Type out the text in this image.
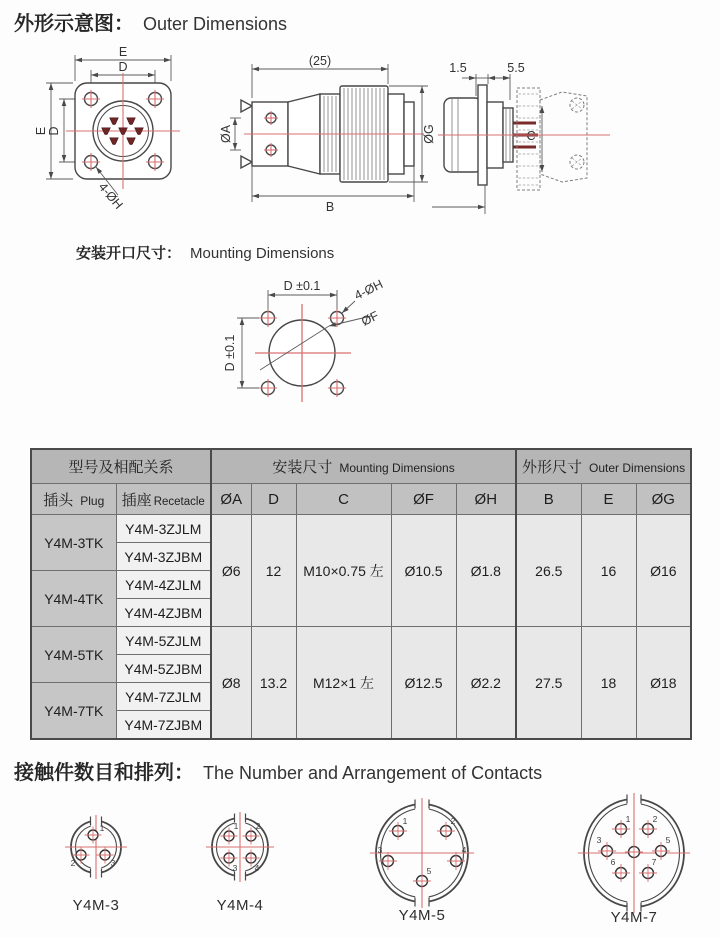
外形示意图： Outer Dimensions
安装开口尺寸： Mounting Dimensions
接触件数目和排列： The Number and Arrangement of Contacts
E
D
E D
4-ØH
(25)
ØA	ØG
B
1.5	5.5
C
D ±0.1
D ±0.1
4-ØH
ØF
型号及相配关系		安装尺寸 Mounting Dimensions					外形尺寸 Outer Dimensions		
插头 Plug	插座 Recetacle	ØA	D	C	ØF	ØH	B	E	ØG
Y4M-3TK	Y4M-3ZJLM	Ø6	12	M10×0.75 左	Ø10.5	Ø1.8	26.5	16	Ø16
	Y4M-3ZJBM								
Y4M-4TK	Y4M-4ZJLM								
	Y4M-4ZJBM								
Y4M-5TK	Y4M-5ZJLM	Ø8	13.2	M12×1 左	Ø12.5	Ø2.2	27.5	18	Ø18
	Y4M-5ZJBM								
Y4M-7TK	Y4M-7ZJLM								
	Y4M-7ZJBM								
1
2	3
1 2
3 4
1	2
3	4
5
1	2
3	5
6	7
Y4M-3	Y4M-4
Y4M-5	Y4M-7
